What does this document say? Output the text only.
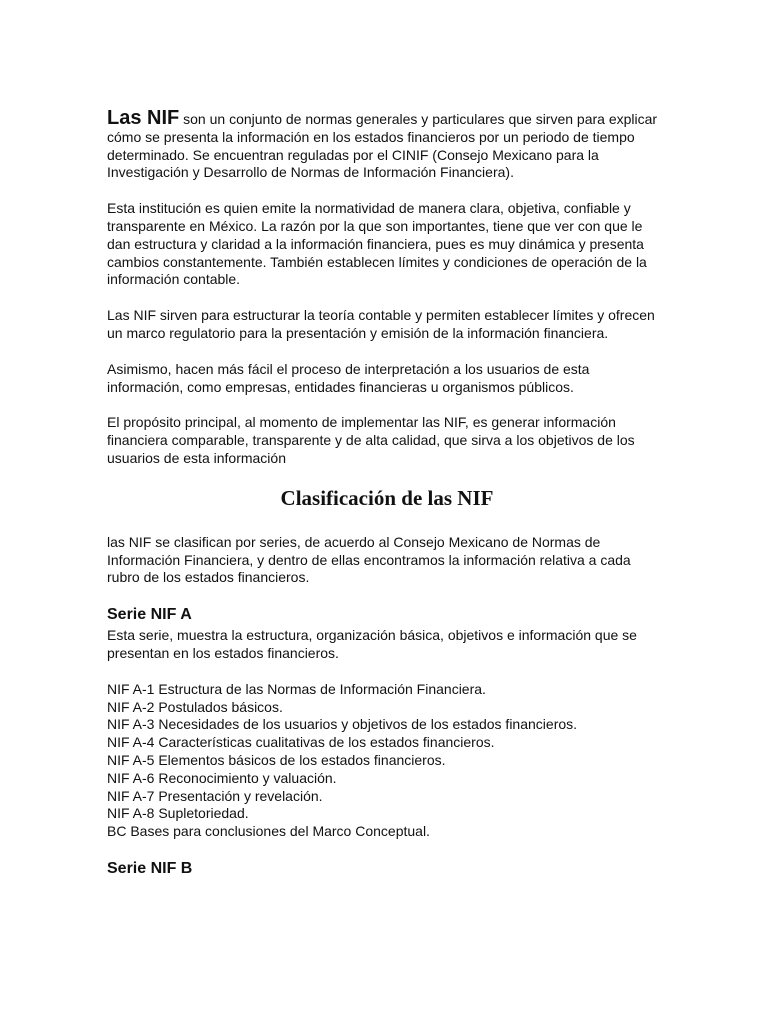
Las NIF son un conjunto de normas generales y particulares que sirven para explicar cómo se presenta la información en los estados financieros por un periodo de tiempo determinado. Se encuentran reguladas por el CINIF (Consejo Mexicano para la Investigación y Desarrollo de Normas de Información Financiera).

Esta institución es quien emite la normatividad de manera clara, objetiva, confiable y transparente en México. La razón por la que son importantes, tiene que ver con que le dan estructura y claridad a la información financiera, pues es muy dinámica y presenta cambios constantemente. También establecen límites y condiciones de operación de la información contable.

Las NIF sirven para estructurar la teoría contable y permiten establecer límites y ofrecen un marco regulatorio para la presentación y emisión de la información financiera.

Asimismo, hacen más fácil el proceso de interpretación a los usuarios de esta información, como empresas, entidades financieras u organismos públicos.

El propósito principal, al momento de implementar las NIF, es generar información financiera comparable, transparente y de alta calidad, que sirva a los objetivos de los usuarios de esta información

Clasificación de las NIF

las NIF se clasifican por series, de acuerdo al Consejo Mexicano de Normas de Información Financiera, y dentro de ellas encontramos la información relativa a cada rubro de los estados financieros.

Serie NIF A

Esta serie, muestra la estructura, organización básica, objetivos e información que se presentan en los estados financieros.

NIF A-1 Estructura de las Normas de Información Financiera.
NIF A-2 Postulados básicos.
NIF A-3 Necesidades de los usuarios y objetivos de los estados financieros.
NIF A-4 Características cualitativas de los estados financieros.
NIF A-5 Elementos básicos de los estados financieros.
NIF A-6 Reconocimiento y valuación.
NIF A-7 Presentación y revelación.
NIF A-8 Supletoriedad.
BC Bases para conclusiones del Marco Conceptual.
Serie NIF B
